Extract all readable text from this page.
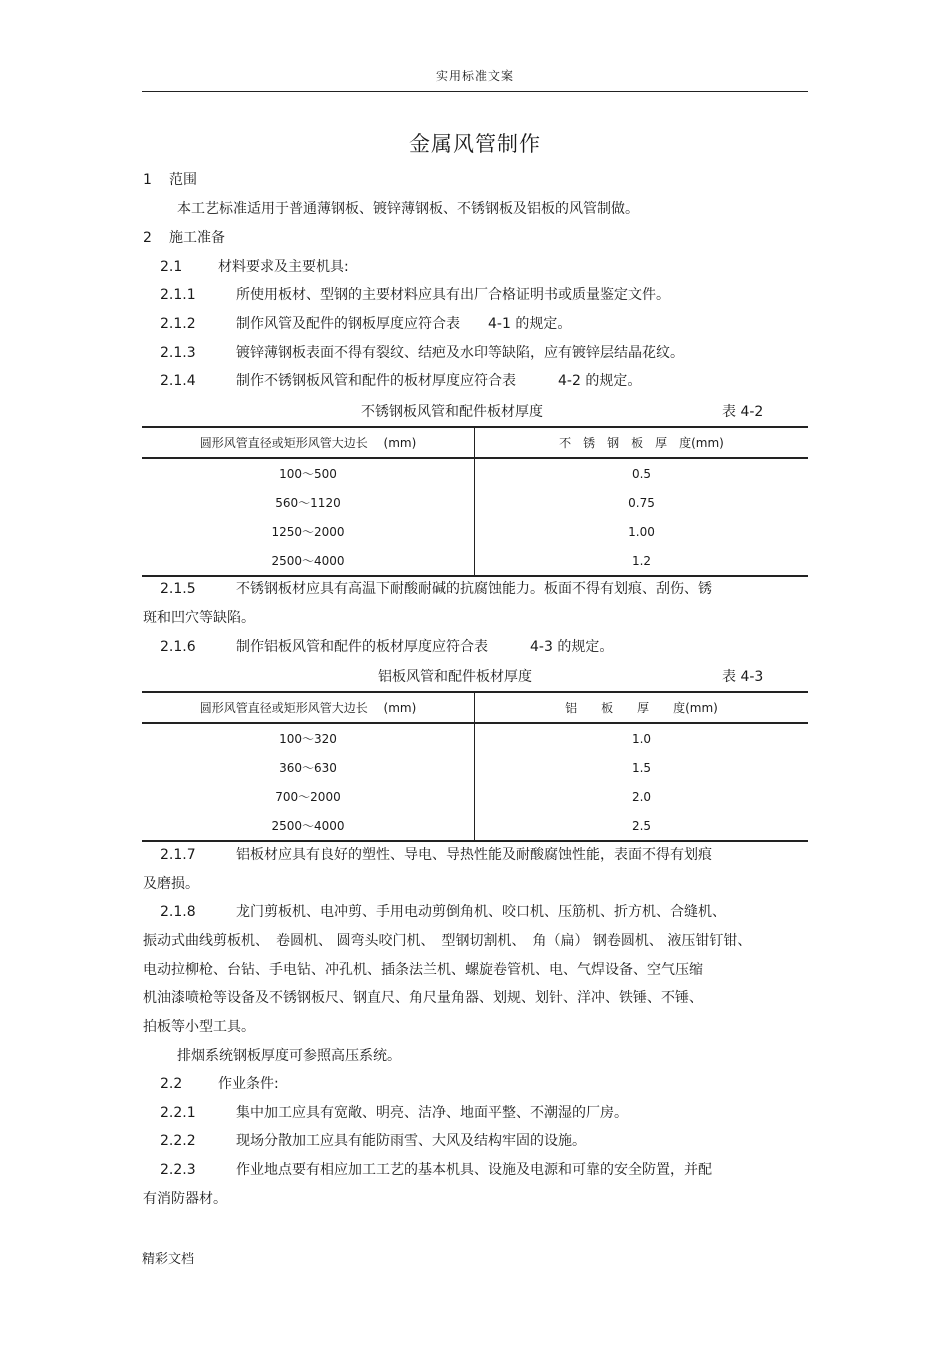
实用标准文案
金属风管制作
1 范围
本工艺标准适用于普通薄钢板、镀锌薄钢板、不锈钢板及铝板的风管制做。
2 施工准备
2.1	材料要求及主要机具:
2.1.1	所使用板材、型钢的主要材料应具有出厂合格证明书或质量鉴定文件。
2.1.2	制作风管及配件的钢板厚度应符合表　　4-1 的规定。
2.1.3	镀锌薄钢板表面不得有裂纹、结疤及水印等缺陷，应有镀锌层结晶花纹。
2.1.4	制作不锈钢板风管和配件的板材厚度应符合表　　　4-2 的规定。
不锈钢板风管和配件板材厚度	表 4-2
圆形风管直径或矩形风管大边长　 (mm)	不　锈　钢　板　厚　度(mm)
100～500	0.5
560～1120	0.75
1250～2000	1.00
2500～4000	1.2
2.1.5	不锈钢板材应具有高温下耐酸耐碱的抗腐蚀能力。板面不得有划痕、刮伤、锈
斑和凹穴等缺陷。
2.1.6	制作铝板风管和配件的板材厚度应符合表　　　4-3 的规定。
铝板风管和配件板材厚度	表 4-3
圆形风管直径或矩形风管大边长　 (mm)	铝　　板　　厚　　度(mm)
100～320	1.0
360～630	1.5
700～2000	2.0
2500～4000	2.5
2.1.7	铝板材应具有良好的塑性、导电、导热性能及耐酸腐蚀性能，表面不得有划痕
及磨损。
2.1.8	龙门剪板机、电冲剪、手用电动剪倒角机、咬口机、压筋机、折方机、合缝机、
振动式曲线剪板机、　卷圆机、 圆弯头咬门机、　型钢切割机、　角（扁） 钢卷圆机、 液压钳钉钳、
电动拉柳枪、台钻、手电钻、冲孔机、插条法兰机、螺旋卷管机、电、气焊设备、空气压缩
机油漆喷枪等设备及不锈钢板尺、钢直尺、角尺量角器、划规、划针、洋冲、铁锤、不锤、
拍板等小型工具。
排烟系统钢板厚度可参照高压系统。
2.2	作业条件:
2.2.1	集中加工应具有宽敞、明亮、洁净、地面平整、不潮湿的厂房。
2.2.2	现场分散加工应具有能防雨雪、大风及结构牢固的设施。
2.2.3	作业地点要有相应加工工艺的基本机具、设施及电源和可靠的安全防置，并配
有消防器材。
精彩文档
